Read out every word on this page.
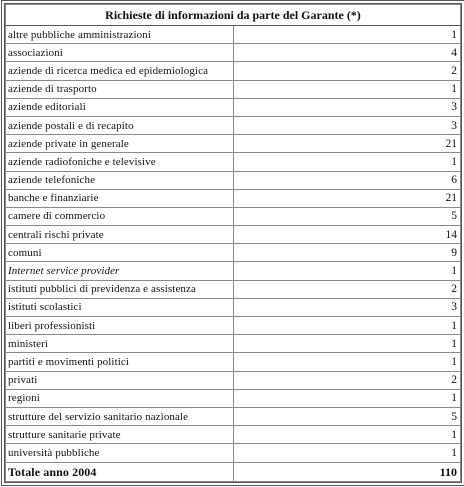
Richieste di informazioni da parte del Garante (*)	
altre pubbliche amministrazioni	1
associazioni	4
aziende di ricerca medica ed epidemiologica	2
aziende di trasporto	1
aziende editoriali	3
aziende postali e di recapito	3
aziende private in generale	21
aziende radiofoniche e televisive	1
aziende telefoniche	6
banche e finanziarie	21
camere di commercio	5
centrali rischi private	14
comuni	9
Internet service provider	1
istituti pubblici di previdenza e assistenza	2
istituti scolastici	3
liberi professionisti	1
ministeri	1
partiti e movimenti politici	1
privati	2
regioni	1
strutture del servizio sanitario nazionale	5
strutture sanitarie private	1
università pubbliche	1
Totale anno 2004	110
